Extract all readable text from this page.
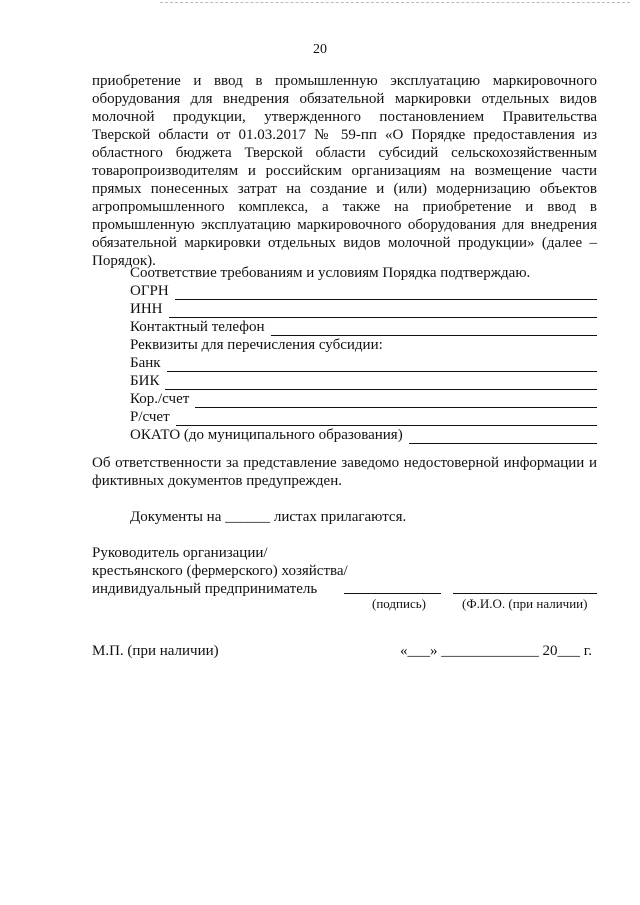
20

приобретение и ввод в промышленную эксплуатацию маркировочного оборудования для внедрения обязательной маркировки отдельных видов молочной продукции, утвержденного постановлением Правительства Тверской области от 01.03.2017 № 59-пп «О Порядке предоставления из областного бюджета Тверской области субсидий сельскохозяйственным товаропроизводителям и российским организациям на возмещение части прямых понесенных затрат на создание и (или) модернизацию объектов агропромышленного комплекса, а также на приобретение и ввод в промышленную эксплуатацию маркировочного оборудования для внедрения обязательной маркировки отдельных видов молочной продукции» (далее – Порядок).

Соответствие требованиям и условиям Порядка подтверждаю.
ОГРН
ИНН
Контактный телефон
Реквизиты для перечисления субсидии:
Банк
БИК
Кор./счет
Р/счет
ОКАТО (до муниципального образования)

Об ответственности за представление заведомо недостоверной информации и фиктивных документов предупрежден.

Документы на ______ листах прилагаются.
Руководитель организации/
крестьянского (фермерского) хозяйства/
индивидуальный предприниматель
(подпись)	(Ф.И.О. (при наличии)
М.П. (при наличии)	«___» _____________ 20___ г.
